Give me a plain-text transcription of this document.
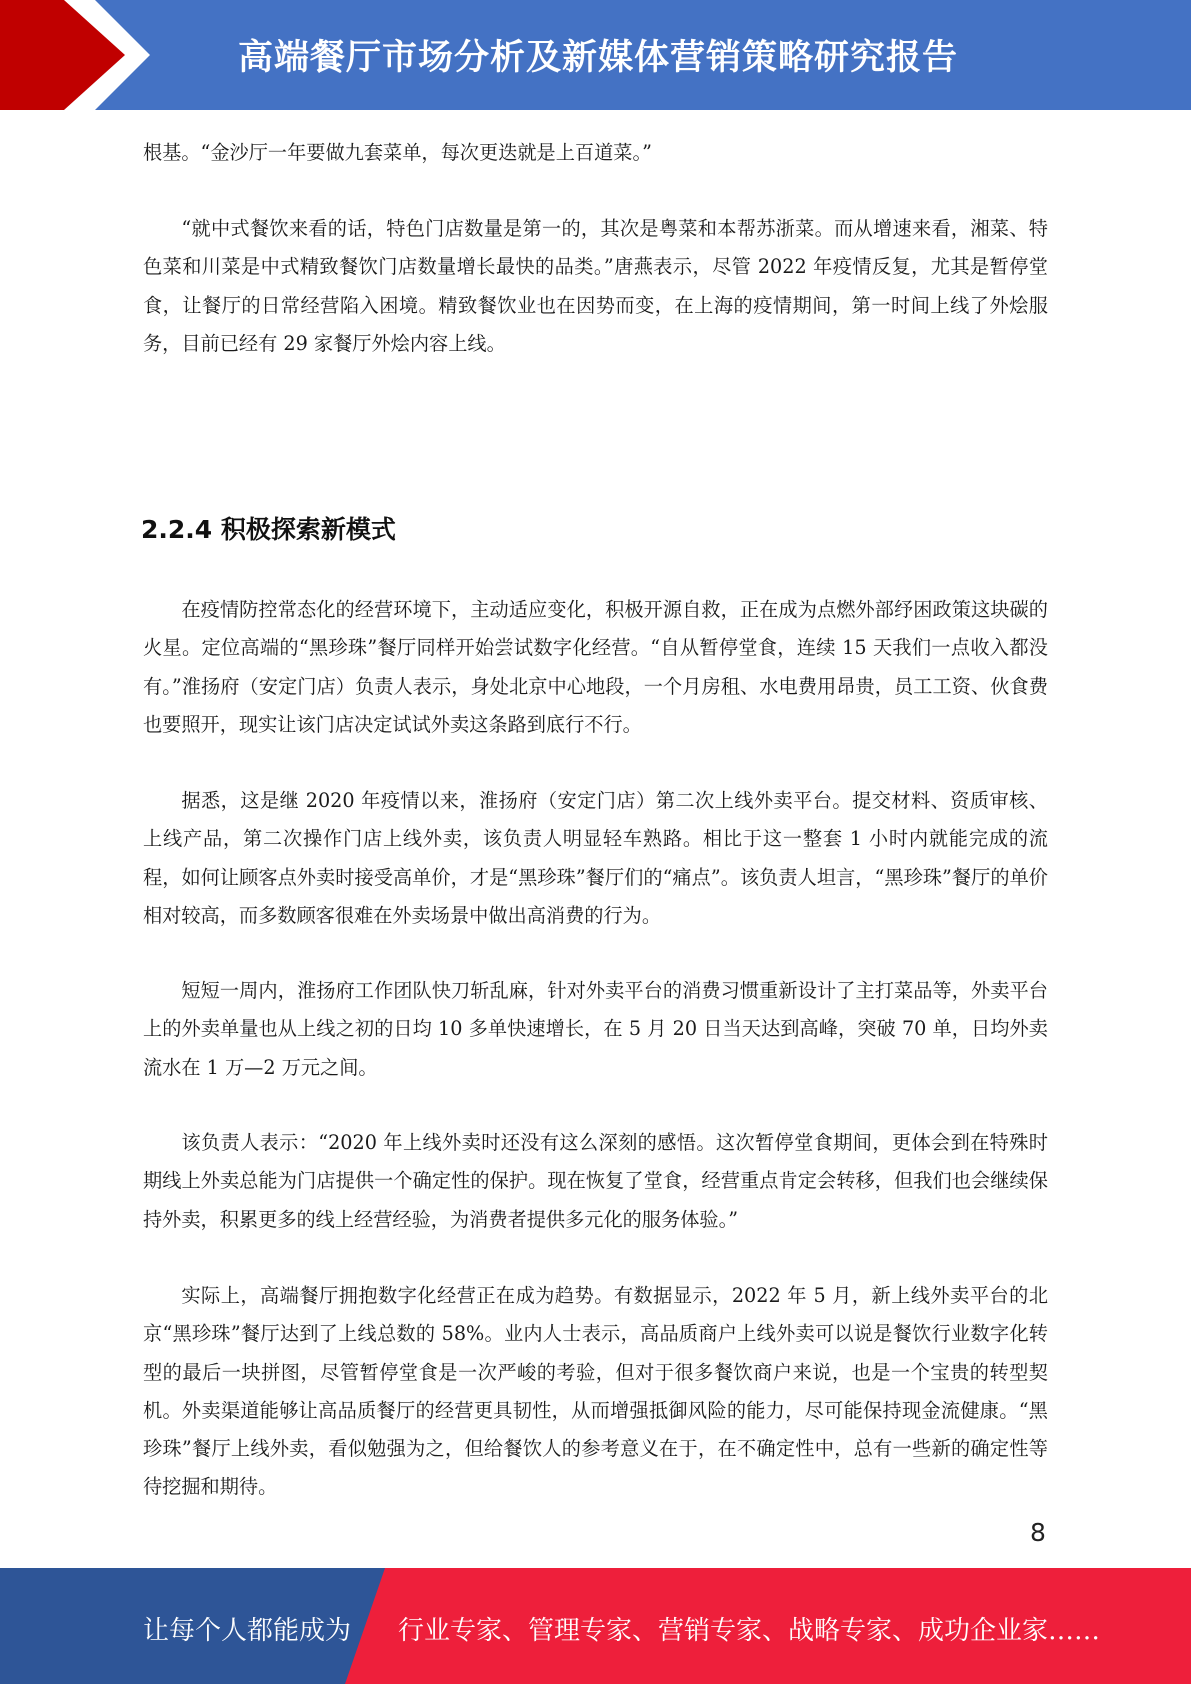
高端餐厅市场分析及新媒体营销策略研究报告

根基。“金沙厅一年要做九套菜单，每次更迭就是上百道菜。”

“就中式餐饮来看的话，特色门店数量是第一的，其次是粤菜和本帮苏浙菜。而从增速来看，湘菜、特色菜和川菜是中式精致餐饮门店数量增长最快的品类。”唐燕表示，尽管 2022 年疫情反复，尤其是暂停堂食，让餐厅的日常经营陷入困境。精致餐饮业也在因势而变，在上海的疫情期间，第一时间上线了外烩服务，目前已经有 29 家餐厅外烩内容上线。

2.2.4 积极探索新模式

在疫情防控常态化的经营环境下，主动适应变化，积极开源自救，正在成为点燃外部纾困政策这块碳的火星。定位高端的“黑珍珠”餐厅同样开始尝试数字化经营。“自从暂停堂食，连续 15 天我们一点收入都没有。”淮扬府（安定门店）负责人表示，身处北京中心地段，一个月房租、水电费用昂贵，员工工资、伙食费也要照开，现实让该门店决定试试外卖这条路到底行不行。

据悉，这是继 2020 年疫情以来，淮扬府（安定门店）第二次上线外卖平台。提交材料、资质审核、上线产品，第二次操作门店上线外卖，该负责人明显轻车熟路。相比于这一整套 1 小时内就能完成的流程，如何让顾客点外卖时接受高单价，才是“黑珍珠”餐厅们的“痛点”。该负责人坦言，“黑珍珠”餐厅的单价相对较高，而多数顾客很难在外卖场景中做出高消费的行为。

短短一周内，淮扬府工作团队快刀斩乱麻，针对外卖平台的消费习惯重新设计了主打菜品等，外卖平台上的外卖单量也从上线之初的日均 10 多单快速增长，在 5 月 20 日当天达到高峰，突破 70 单，日均外卖流水在 1 万—2 万元之间。

该负责人表示：“2020 年上线外卖时还没有这么深刻的感悟。这次暂停堂食期间，更体会到在特殊时期线上外卖总能为门店提供一个确定性的保护。现在恢复了堂食，经营重点肯定会转移，但我们也会继续保持外卖，积累更多的线上经营经验，为消费者提供多元化的服务体验。”

实际上，高端餐厅拥抱数字化经营正在成为趋势。有数据显示，2022 年 5 月，新上线外卖平台的北京“黑珍珠”餐厅达到了上线总数的 58%。业内人士表示，高品质商户上线外卖可以说是餐饮行业数字化转型的最后一块拼图，尽管暂停堂食是一次严峻的考验，但对于很多餐饮商户来说，也是一个宝贵的转型契机。外卖渠道能够让高品质餐厅的经营更具韧性，从而增强抵御风险的能力，尽可能保持现金流健康。“黑珍珠”餐厅上线外卖，看似勉强为之，但给餐饮人的参考意义在于，在不确定性中，总有一些新的确定性等待挖掘和期待。

8
让每个人都能成为 行业专家、管理专家、营销专家、战略专家、成功企业家……
